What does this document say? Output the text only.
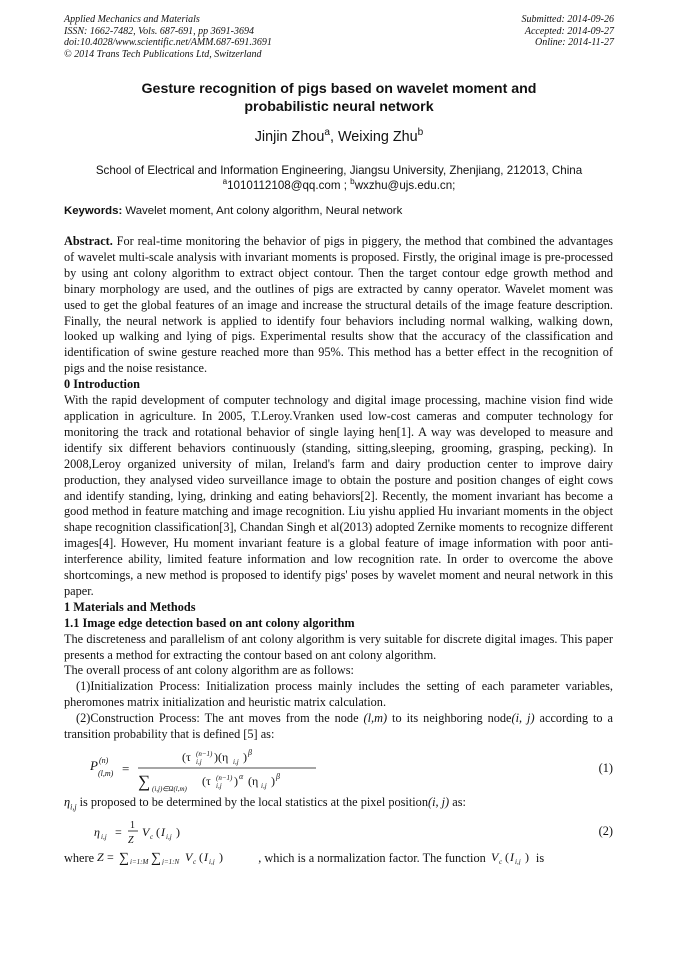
Applied Mechanics and Materials
ISSN: 1662-7482, Vols. 687-691, pp 3691-3694
doi:10.4028/www.scientific.net/AMM.687-691.3691
© 2014 Trans Tech Publications Ltd, Switzerland
Submitted: 2014-09-26
Accepted: 2014-09-27
Online: 2014-11-27
Gesture recognition of pigs based on wavelet moment and
probabilistic neural network
Jinjin Zhou$^a$, Weixing Zhu$^b$
School of Electrical and Information Engineering, Jiangsu University, Zhenjiang, 212013, China
$^a$1010112108@qq.com ; $^b$wxzhu@ujs.edu.cn;
Keywords: Wavelet moment, Ant colony algorithm, Neural network

Abstract. For real-time monitoring the behavior of pigs in piggery, the method that combined the advantages of wavelet multi-scale analysis with invariant moments is proposed. Firstly, the original image is pre-processed by using ant colony algorithm to extract object contour. Then the target contour edge growth method and binary morphology are used, and the outlines of pigs are extracted by canny operator. Wavelet moment was used to get the global features of an image and increase the structural details of the image feature description. Finally, the neural network is applied to identify four behaviors including normal walking, walking down, looked up walking and lying of pigs. Experimental results show that the accuracy of the classification and identification of swine gesture reached more than 95%. This method has a better effect in the recognition of pigs and the noise resistance.

0 Introduction

With the rapid development of computer technology and digital image processing, machine vision find wide application in agriculture. In 2005, T.Leroy.Vranken used low-cost cameras and computer technology for monitoring the track and rotational behavior of single laying hen[1]. A way was developed to measure and identify six different behaviors continuously (standing, sitting,sleeping, grooming, grasping, pecking). In 2008,Leroy organized university of milan, Ireland's farm and dairy production center to improve dairy production, they analysed video surveillance image to obtain the posture and position changes of eight cows and identify standing, lying, drinking and eating behaviors[2]. Recently, the moment invariant has become a good method in feature matching and image recognition. Liu yishu applied Hu invariant moments in the object shape recognition classification[3], Chandan Singh et al(2013) adopted Zernike moments to recognize different images[4]. However, Hu moment invariant feature is a global feature of image information with poor anti-interference ability, limited feature information and low recognition rate. In order to overcome the above shortcomings, a new method is proposed to identify pigs' poses by wavelet moment and neural network in this paper.

1 Materials and Methods

1.1 Image edge detection based on ant colony algorithm

The discreteness and parallelism of ant colony algorithm is very suitable for discrete digital images. This paper presents a method for extracting the contour based on ant colony algorithm.

The overall process of ant colony algorithm are as follows:

(1)Initialization Process: Initialization process mainly includes the setting of each parameter variables, pheromones matrix initialization and heuristic matrix calculation.

(2)Construction Process: The ant moves from the node (l,m) to its neighboring node(i, j) according to a transition probability that is defined [5] as:

P (n)
(l,m) =
(τ (n−1)
i,j )(η i,j ) β
∑ (i,j)∈Ω(l,m)
(τ (n−1)
i,j ) α (η i,j ) β
(1)

$\eta_{i,j}$ is proposed to be determined by the local statistics at the pixel position(i, j) as:

η i,j = 1
Z
V c ( I i,j )	(2)

where Z = ∑ i=1:M ∑ j=1:N V c ( I i,j )	, which is a normalization factor. The function V c ( I i,j ) is
